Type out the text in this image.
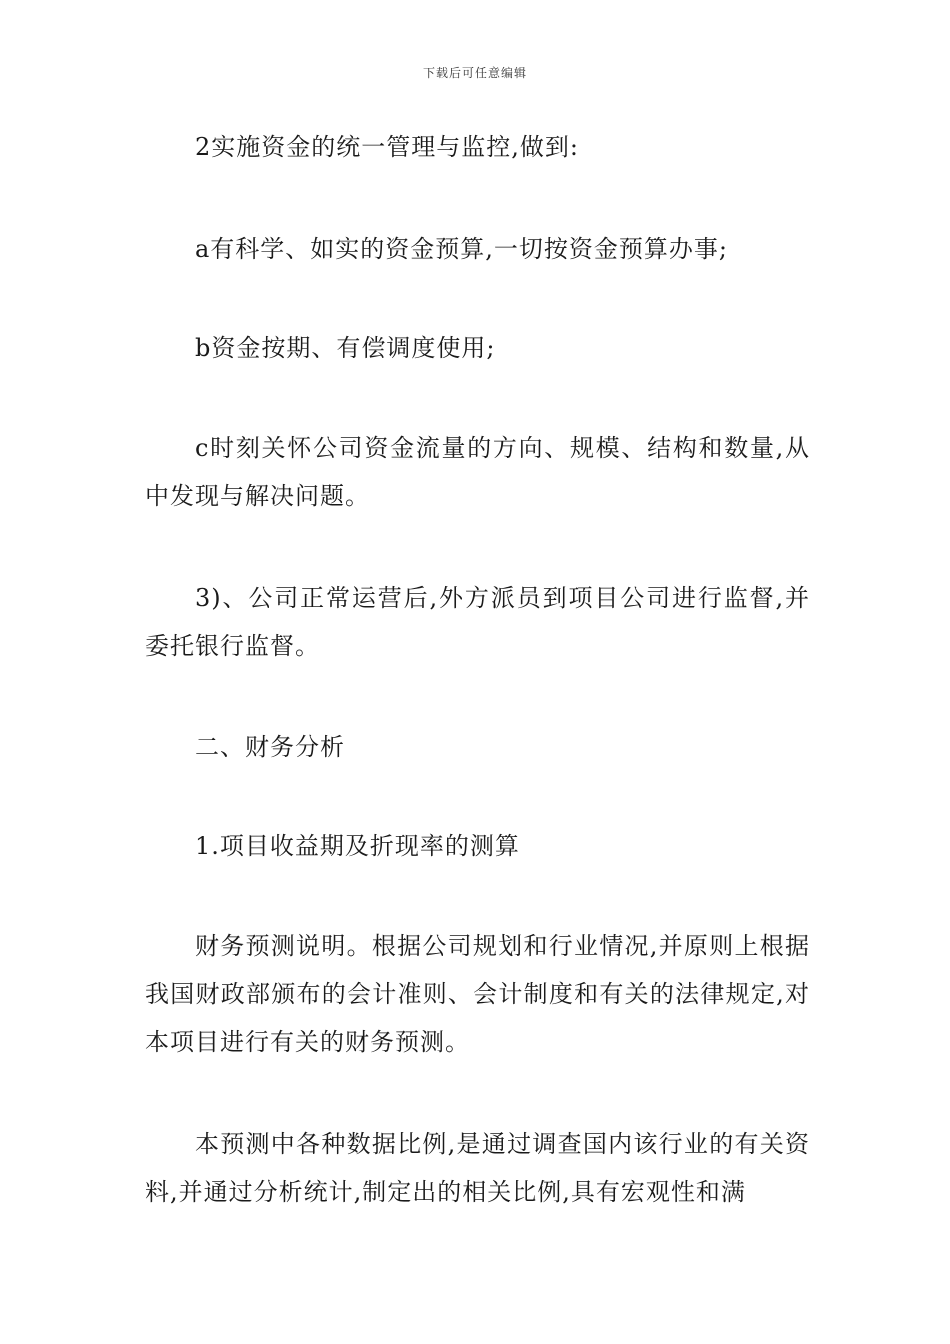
下载后可任意编辑

2实施资金的统一管理与监控,做到:

a有科学、如实的资金预算,一切按资金预算办事;

b资金按期、有偿调度使用;

c时刻关怀公司资金流量的方向、规模、结构和数量,从中发现与解决问题。

3)、公司正常运营后,外方派员到项目公司进行监督,并委托银行监督。

二、财务分析

1.项目收益期及折现率的测算

财务预测说明。根据公司规划和行业情况,并原则上根据我国财政部颁布的会计准则、会计制度和有关的法律规定,对本项目进行有关的财务预测。

本预测中各种数据比例,是通过调查国内该行业的有关资料,并通过分析统计,制定出的相关比例,具有宏观性和满
